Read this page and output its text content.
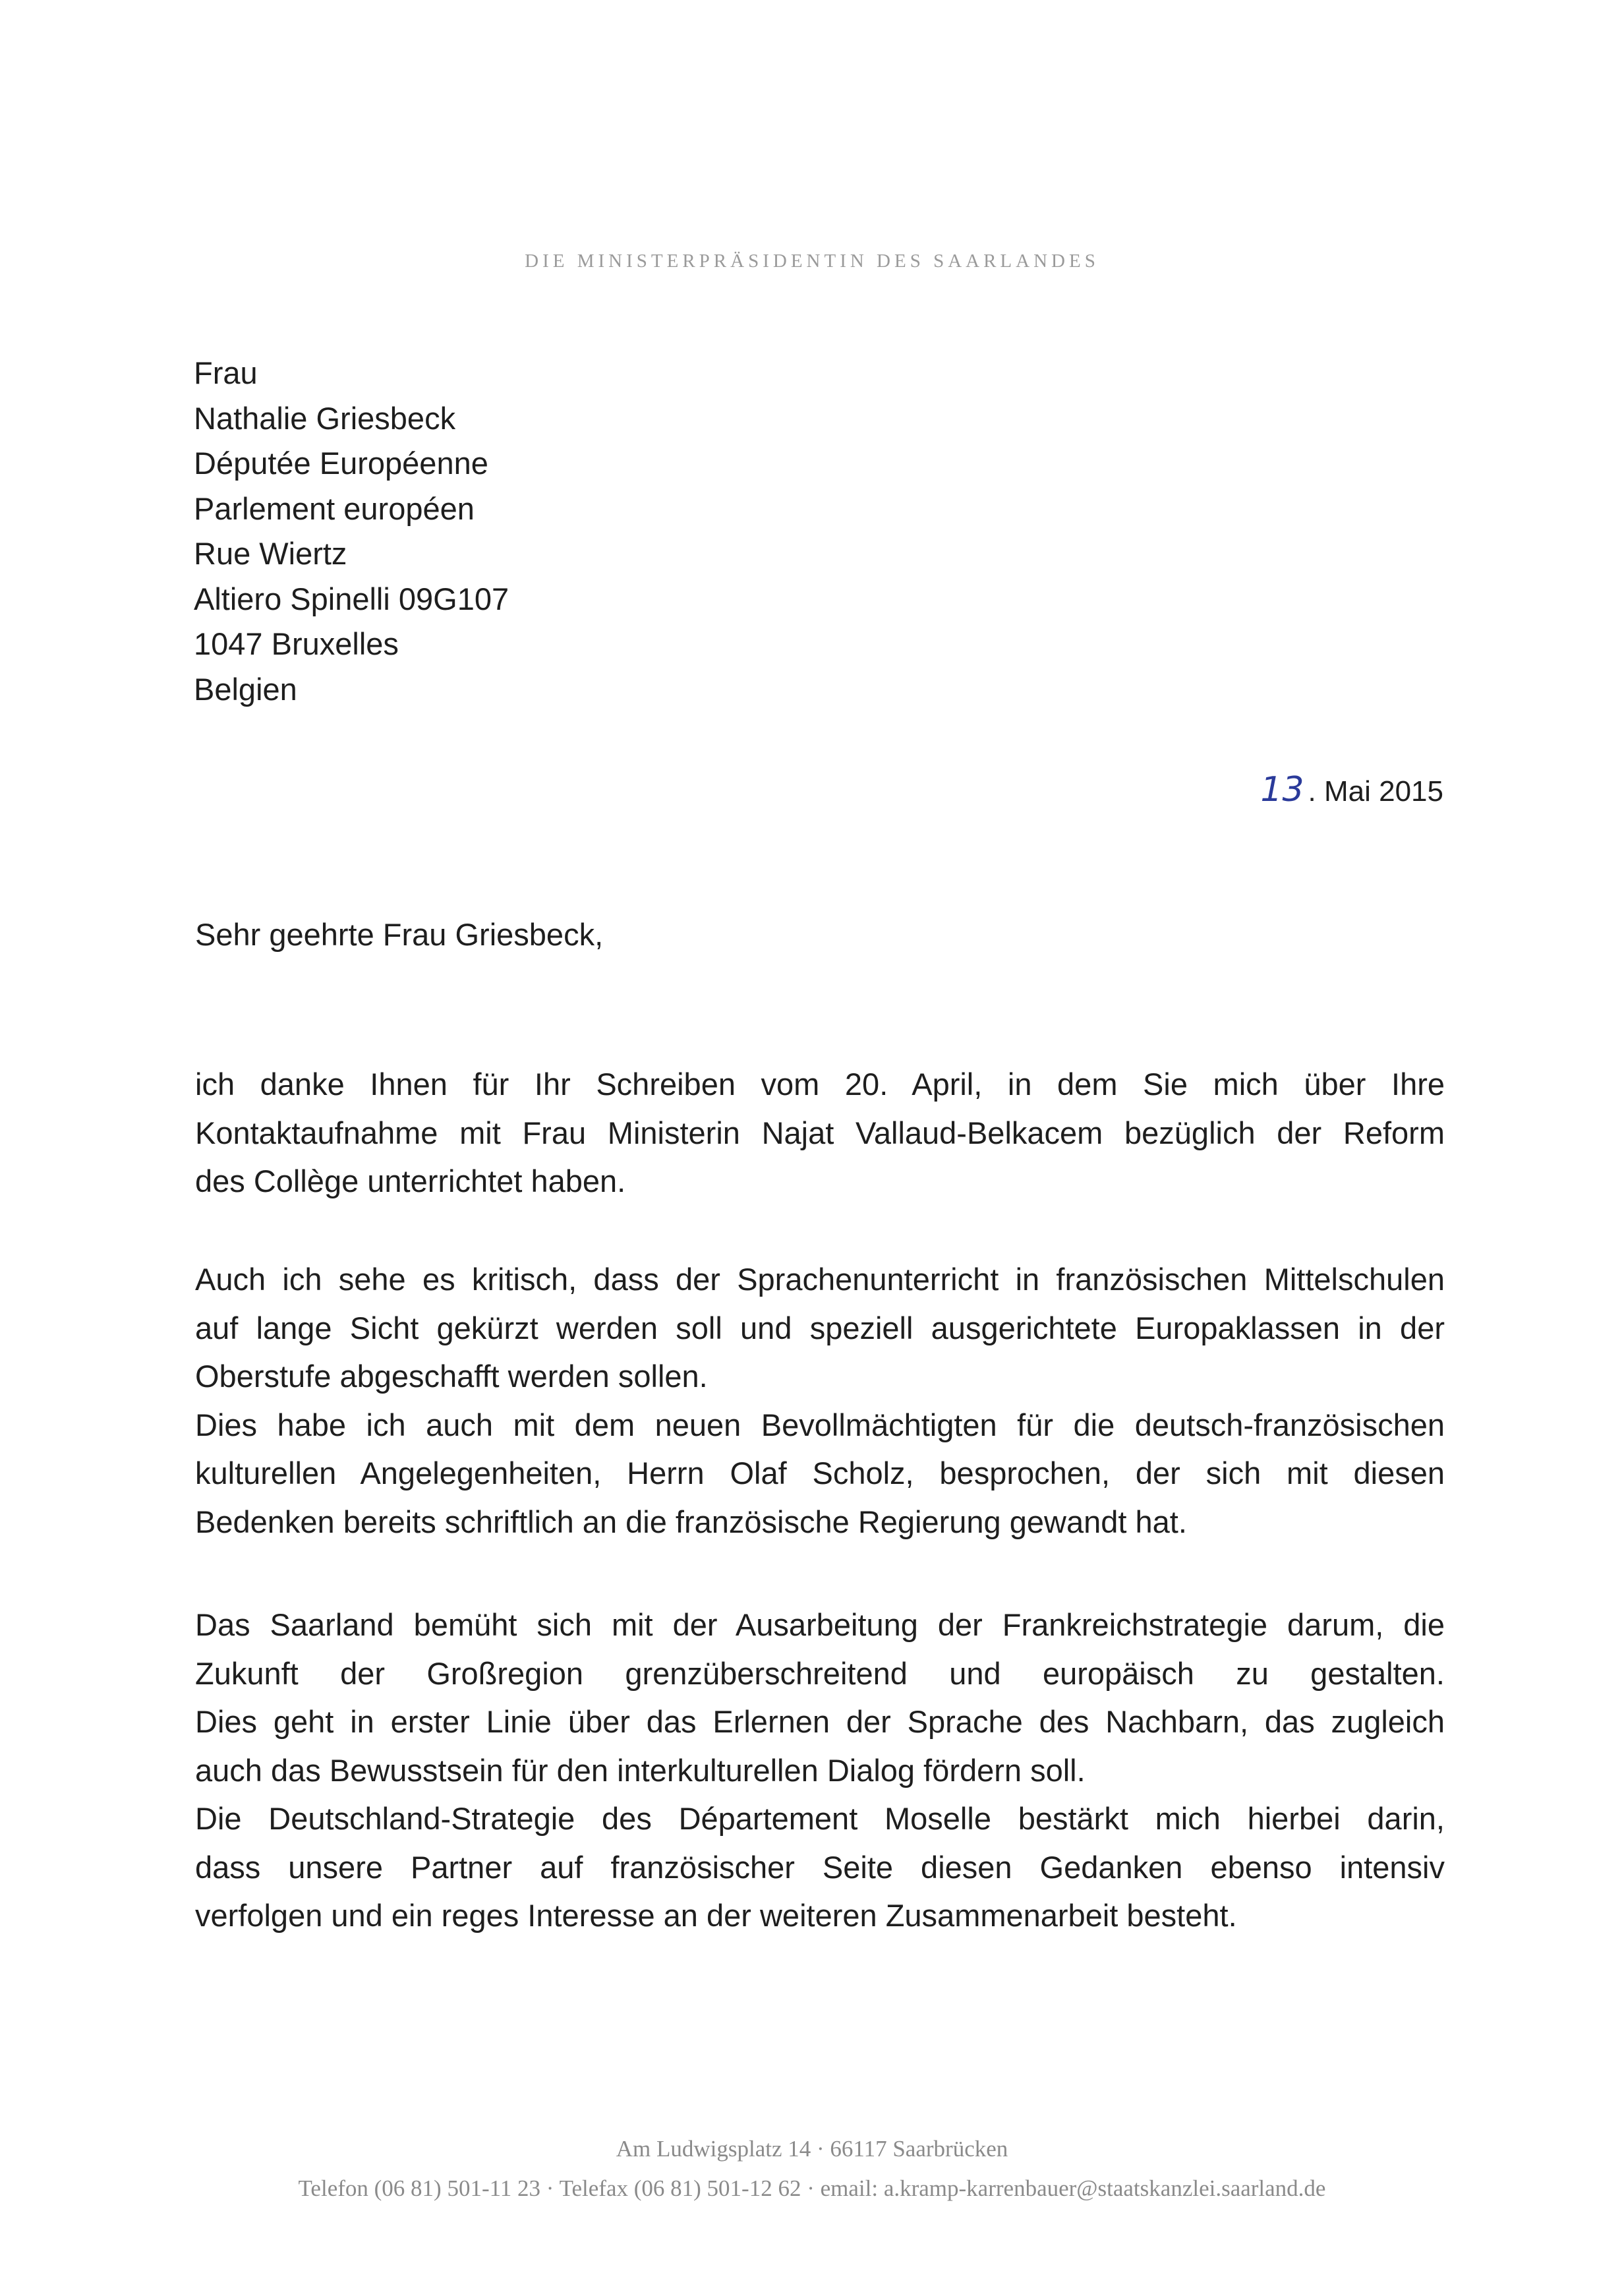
DIE MINISTERPRÄSIDENTIN DES SAARLANDES
Frau
Nathalie Griesbeck
Députée Européenne
Parlement européen
Rue Wiertz
Altiero Spinelli 09G107
1047 Bruxelles
Belgien
13 . Mai 2015
Sehr geehrte Frau Griesbeck,
ich danke Ihnen für Ihr Schreiben vom 20. April, in dem Sie mich über Ihre
Kontaktaufnahme mit Frau Ministerin Najat Vallaud-Belkacem bezüglich der Reform
des Collège unterrichtet haben.
Auch ich sehe es kritisch, dass der Sprachenunterricht in französischen Mittelschulen
auf lange Sicht gekürzt werden soll und speziell ausgerichtete Europaklassen in der
Oberstufe abgeschafft werden sollen.
Dies habe ich auch mit dem neuen Bevollmächtigten für die deutsch-französischen
kulturellen Angelegenheiten, Herrn Olaf Scholz, besprochen, der sich mit diesen
Bedenken bereits schriftlich an die französische Regierung gewandt hat.
Das Saarland bemüht sich mit der Ausarbeitung der Frankreichstrategie darum, die
Zukunft der Großregion grenzüberschreitend und europäisch zu gestalten.
Dies geht in erster Linie über das Erlernen der Sprache des Nachbarn, das zugleich
auch das Bewusstsein für den interkulturellen Dialog fördern soll.
Die Deutschland-Strategie des Département Moselle bestärkt mich hierbei darin,
dass unsere Partner auf französischer Seite diesen Gedanken ebenso intensiv
verfolgen und ein reges Interesse an der weiteren Zusammenarbeit besteht.
Am Ludwigsplatz 14 · 66117 Saarbrücken
Telefon (06 81) 501-11 23 · Telefax (06 81) 501-12 62 · email: a.kramp-karrenbauer@staatskanzlei.saarland.de
